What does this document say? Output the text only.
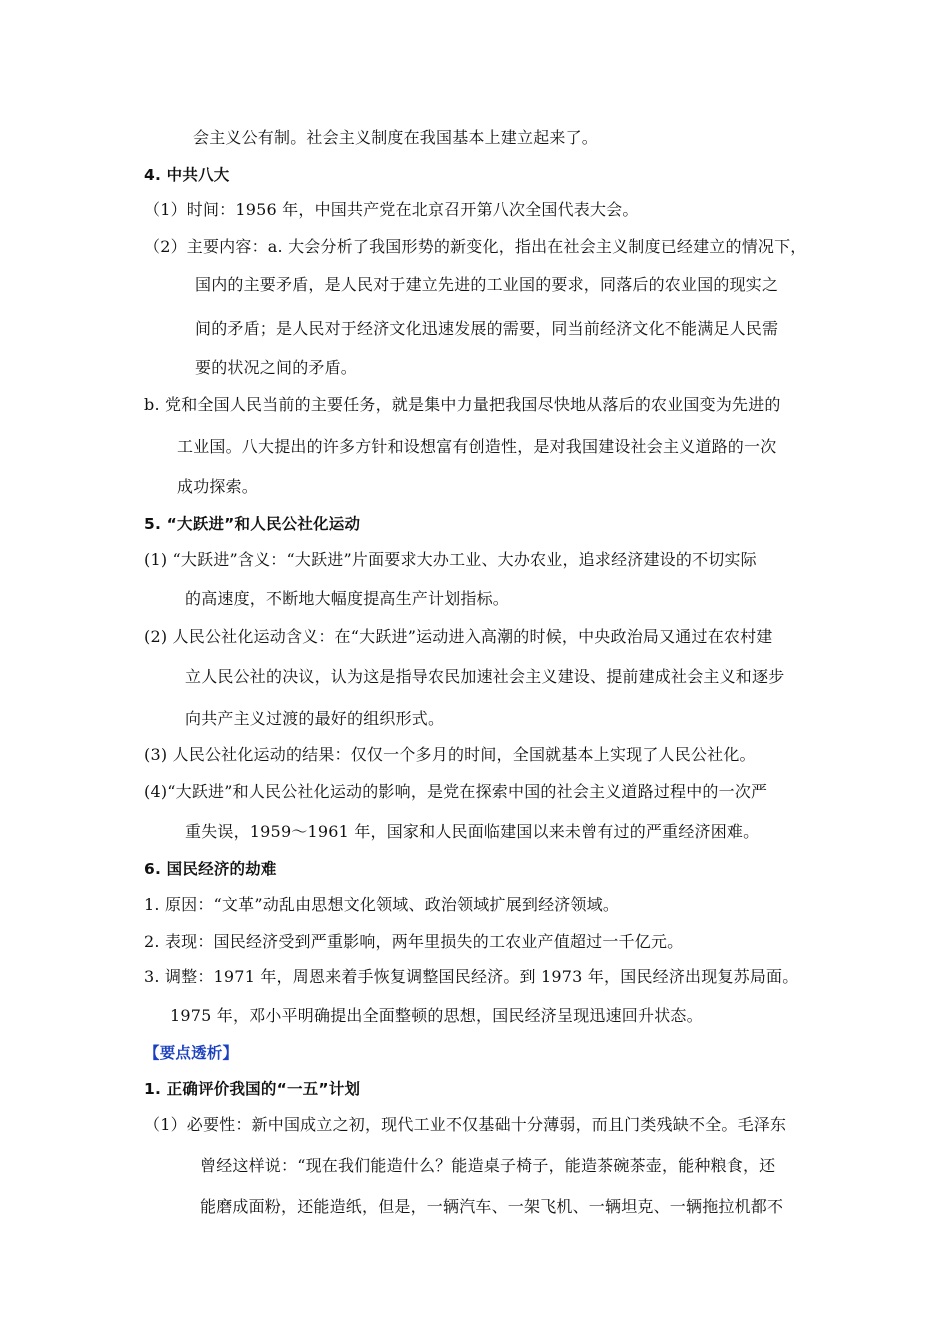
会主义公有制。社会主义制度在我国基本上建立起来了。
4. 中共八大
（1）时间：1956 年，中国共产党在北京召开第八次全国代表大会。
（2）主要内容：a. 大会分析了我国形势的新变化，指出在社会主义制度已经建立的情况下，
国内的主要矛盾，是人民对于建立先进的工业国的要求，同落后的农业国的现实之
间的矛盾；是人民对于经济文化迅速发展的需要，同当前经济文化不能满足人民需
要的状况之间的矛盾。
b. 党和全国人民当前的主要任务，就是集中力量把我国尽快地从落后的农业国变为先进的
工业国。八大提出的许多方针和设想富有创造性，是对我国建设社会主义道路的一次
成功探索。
5. “大跃进”和人民公社化运动
(1) “大跃进”含义：“大跃进”片面要求大办工业、大办农业，追求经济建设的不切实际
的高速度，不断地大幅度提高生产计划指标。
(2) 人民公社化运动含义：在“大跃进”运动进入高潮的时候，中央政治局又通过在农村建
立人民公社的决议，认为这是指导农民加速社会主义建设、提前建成社会主义和逐步
向共产主义过渡的最好的组织形式。
(3) 人民公社化运动的结果：仅仅一个多月的时间，全国就基本上实现了人民公社化。
(4)“大跃进”和人民公社化运动的影响，是党在探索中国的社会主义道路过程中的一次严
重失误，1959～1961 年，国家和人民面临建国以来未曾有过的严重经济困难。
6. 国民经济的劫难
1. 原因：“文革”动乱由思想文化领域、政治领域扩展到经济领域。
2. 表现：国民经济受到严重影响，两年里损失的工农业产值超过一千亿元。
3. 调整：1971 年，周恩来着手恢复调整国民经济。到 1973 年，国民经济出现复苏局面。
1975 年，邓小平明确提出全面整顿的思想，国民经济呈现迅速回升状态。
【要点透析】
1. 正确评价我国的“一五”计划
（1）必要性：新中国成立之初，现代工业不仅基础十分薄弱，而且门类残缺不全。毛泽东
曾经这样说：“现在我们能造什么？能造桌子椅子，能造茶碗茶壶，能种粮食，还
能磨成面粉，还能造纸，但是，一辆汽车、一架飞机、一辆坦克、一辆拖拉机都不
